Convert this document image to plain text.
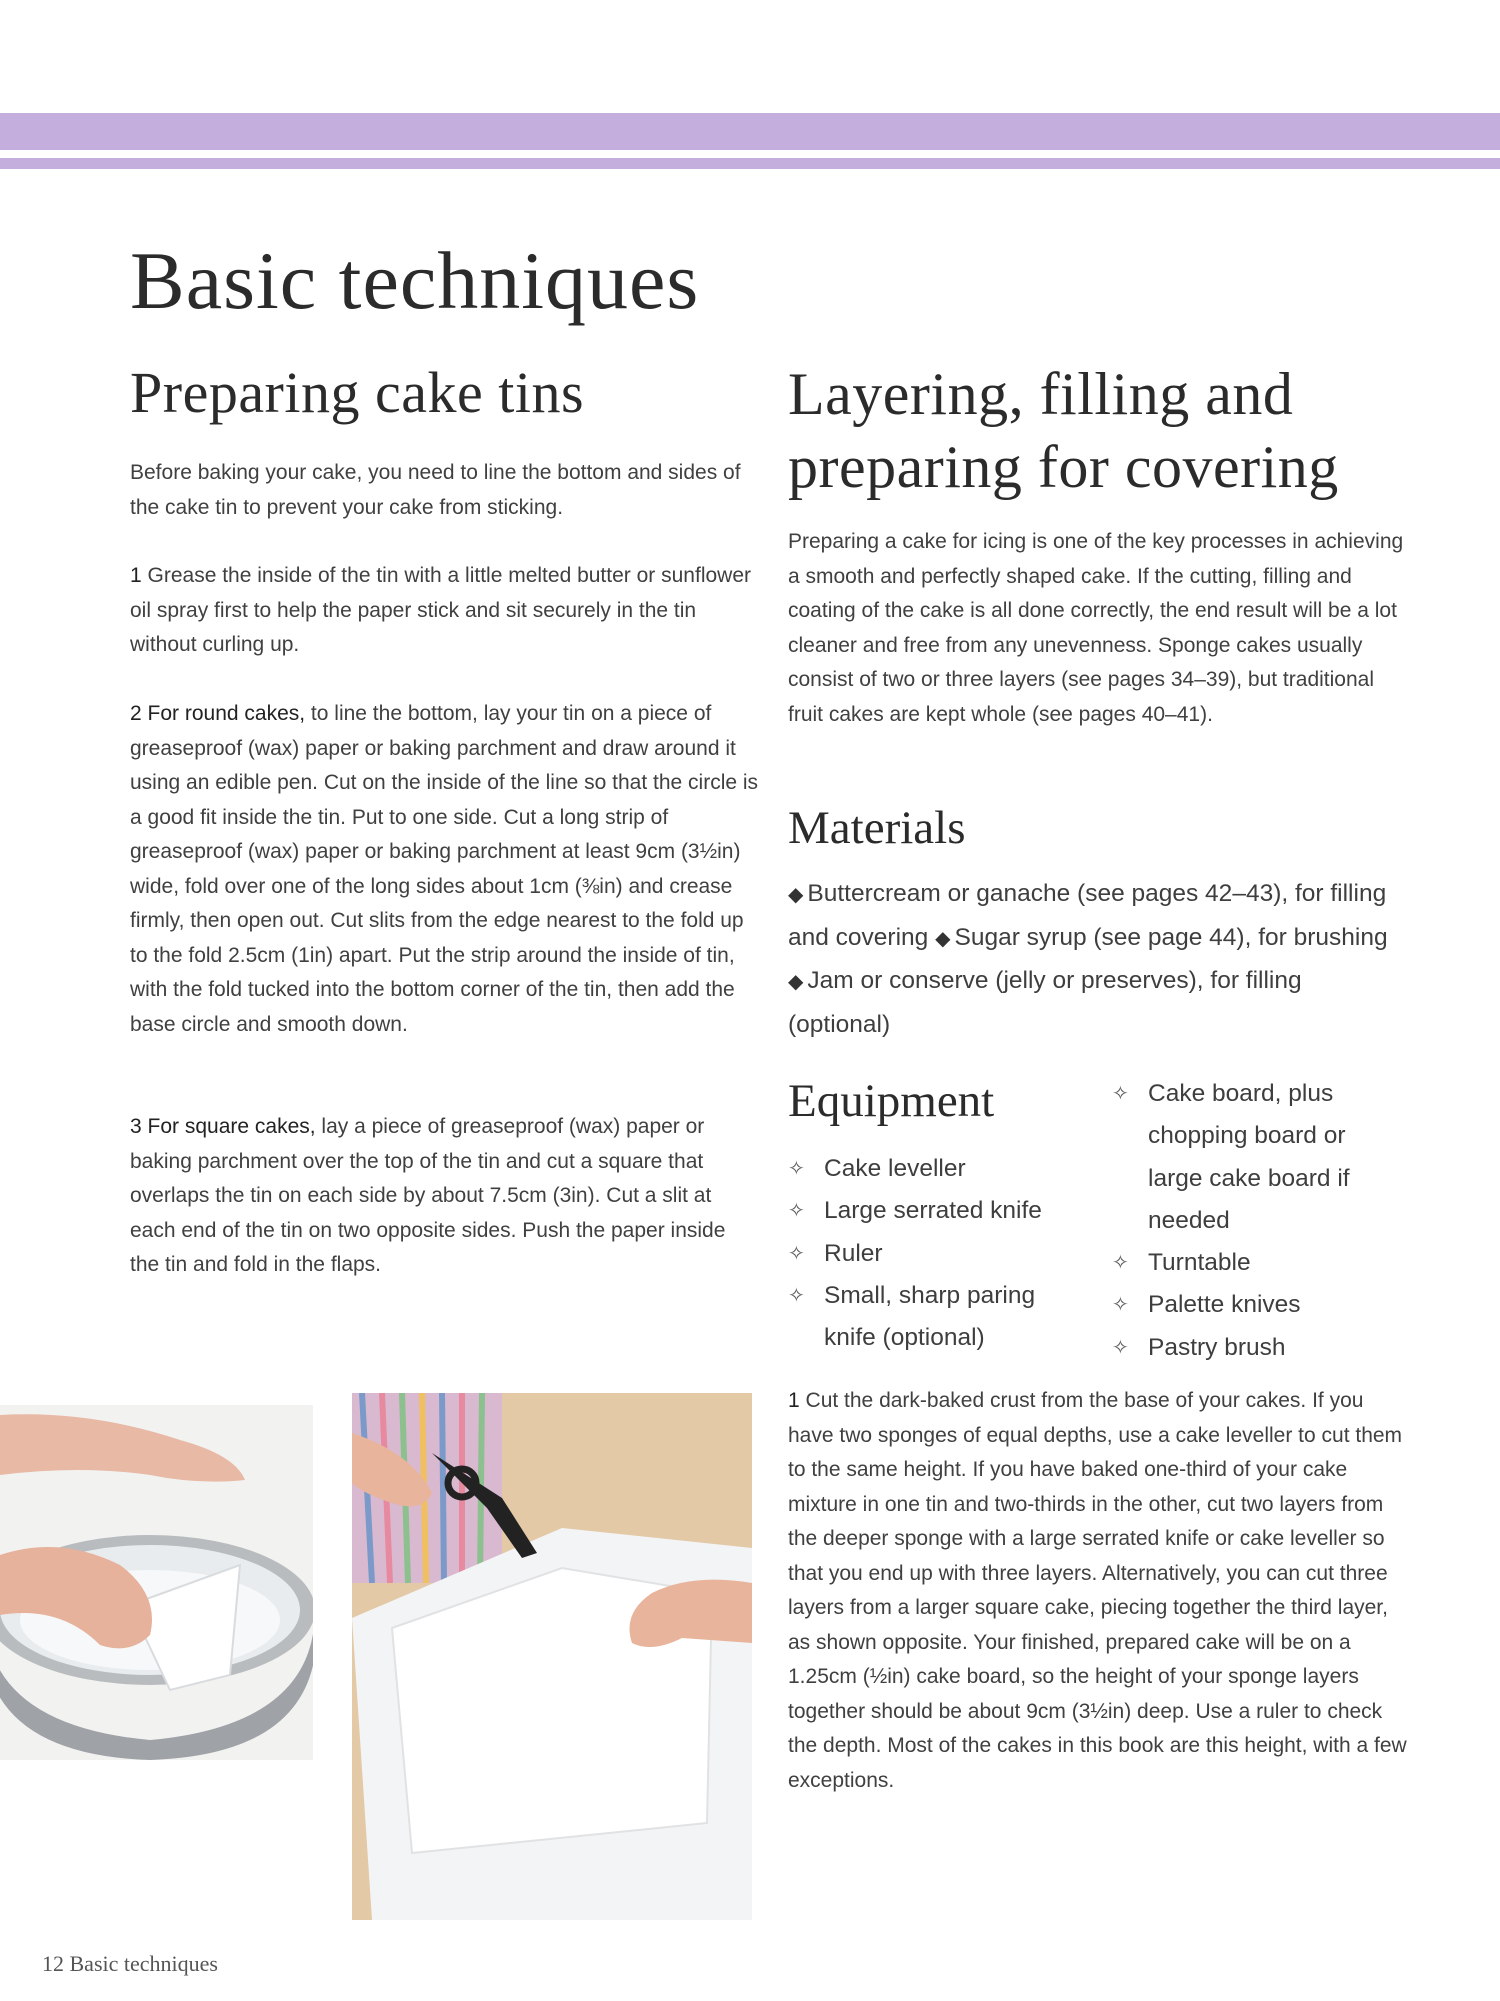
Basic techniques
Preparing cake tins

Before baking your cake, you need to line the bottom and sides of the cake tin to prevent your cake from sticking.

1 Grease the inside of the tin with a little melted butter or sunflower oil spray first to help the paper stick and sit securely in the tin without curling up.

2 For round cakes, to line the bottom, lay your tin on a piece of greaseproof (wax) paper or baking parchment and draw around it using an edible pen. Cut on the inside of the line so that the circle is a good fit inside the tin. Put to one side. Cut a long strip of greaseproof (wax) paper or baking parchment at least 9cm (3½in) wide, fold over one of the long sides about 1cm (⅜in) and crease firmly, then open out. Cut slits from the edge nearest to the fold up to the fold 2.5cm (1in) apart. Put the strip around the inside of tin, with the fold tucked into the bottom corner of the tin, then add the base circle and smooth down.

3 For square cakes, lay a piece of greaseproof (wax) paper or baking parchment over the top of the tin and cut a square that overlaps the tin on each side by about 7.5cm (3in). Cut a slit at each end of the tin on two opposite sides. Push the paper inside the tin and fold in the flaps.

Layering, filling and preparing for covering

Preparing a cake for icing is one of the key processes in achieving a smooth and perfectly shaped cake. If the cutting, filling and coating of the cake is all done correctly, the end result will be a lot cleaner and free from any unevenness. Sponge cakes usually consist of two or three layers (see pages 34–39), but traditional fruit cakes are kept whole (see pages 40–41).

Materials

◆ Buttercream or ganache (see pages 42–43), for filling and covering ◆ Sugar syrup (see page 44), for brushing ◆ Jam or conserve (jelly or preserves), for filling (optional)

Equipment
✧ Cake leveller
✧ Large serrated knife
✧ Ruler
✧ Small, sharp paring knife (optional)
✧ Cake board, plus chopping board or large cake board if needed
✧ Turntable
✧ Palette knives
✧ Pastry brush

1 Cut the dark-baked crust from the base of your cakes. If you have two sponges of equal depths, use a cake leveller to cut them to the same height. If you have baked one-third of your cake mixture in one tin and two-thirds in the other, cut two layers from the deeper sponge with a large serrated knife or cake leveller so that you end up with three layers. Alternatively, you can cut three layers from a larger square cake, piecing together the third layer, as shown opposite. Your finished, prepared cake will be on a 1.25cm (½in) cake board, so the height of your sponge layers together should be about 9cm (3½in) deep. Use a ruler to check the depth. Most of the cakes in this book are this height, with a few exceptions.

12 Basic techniques
